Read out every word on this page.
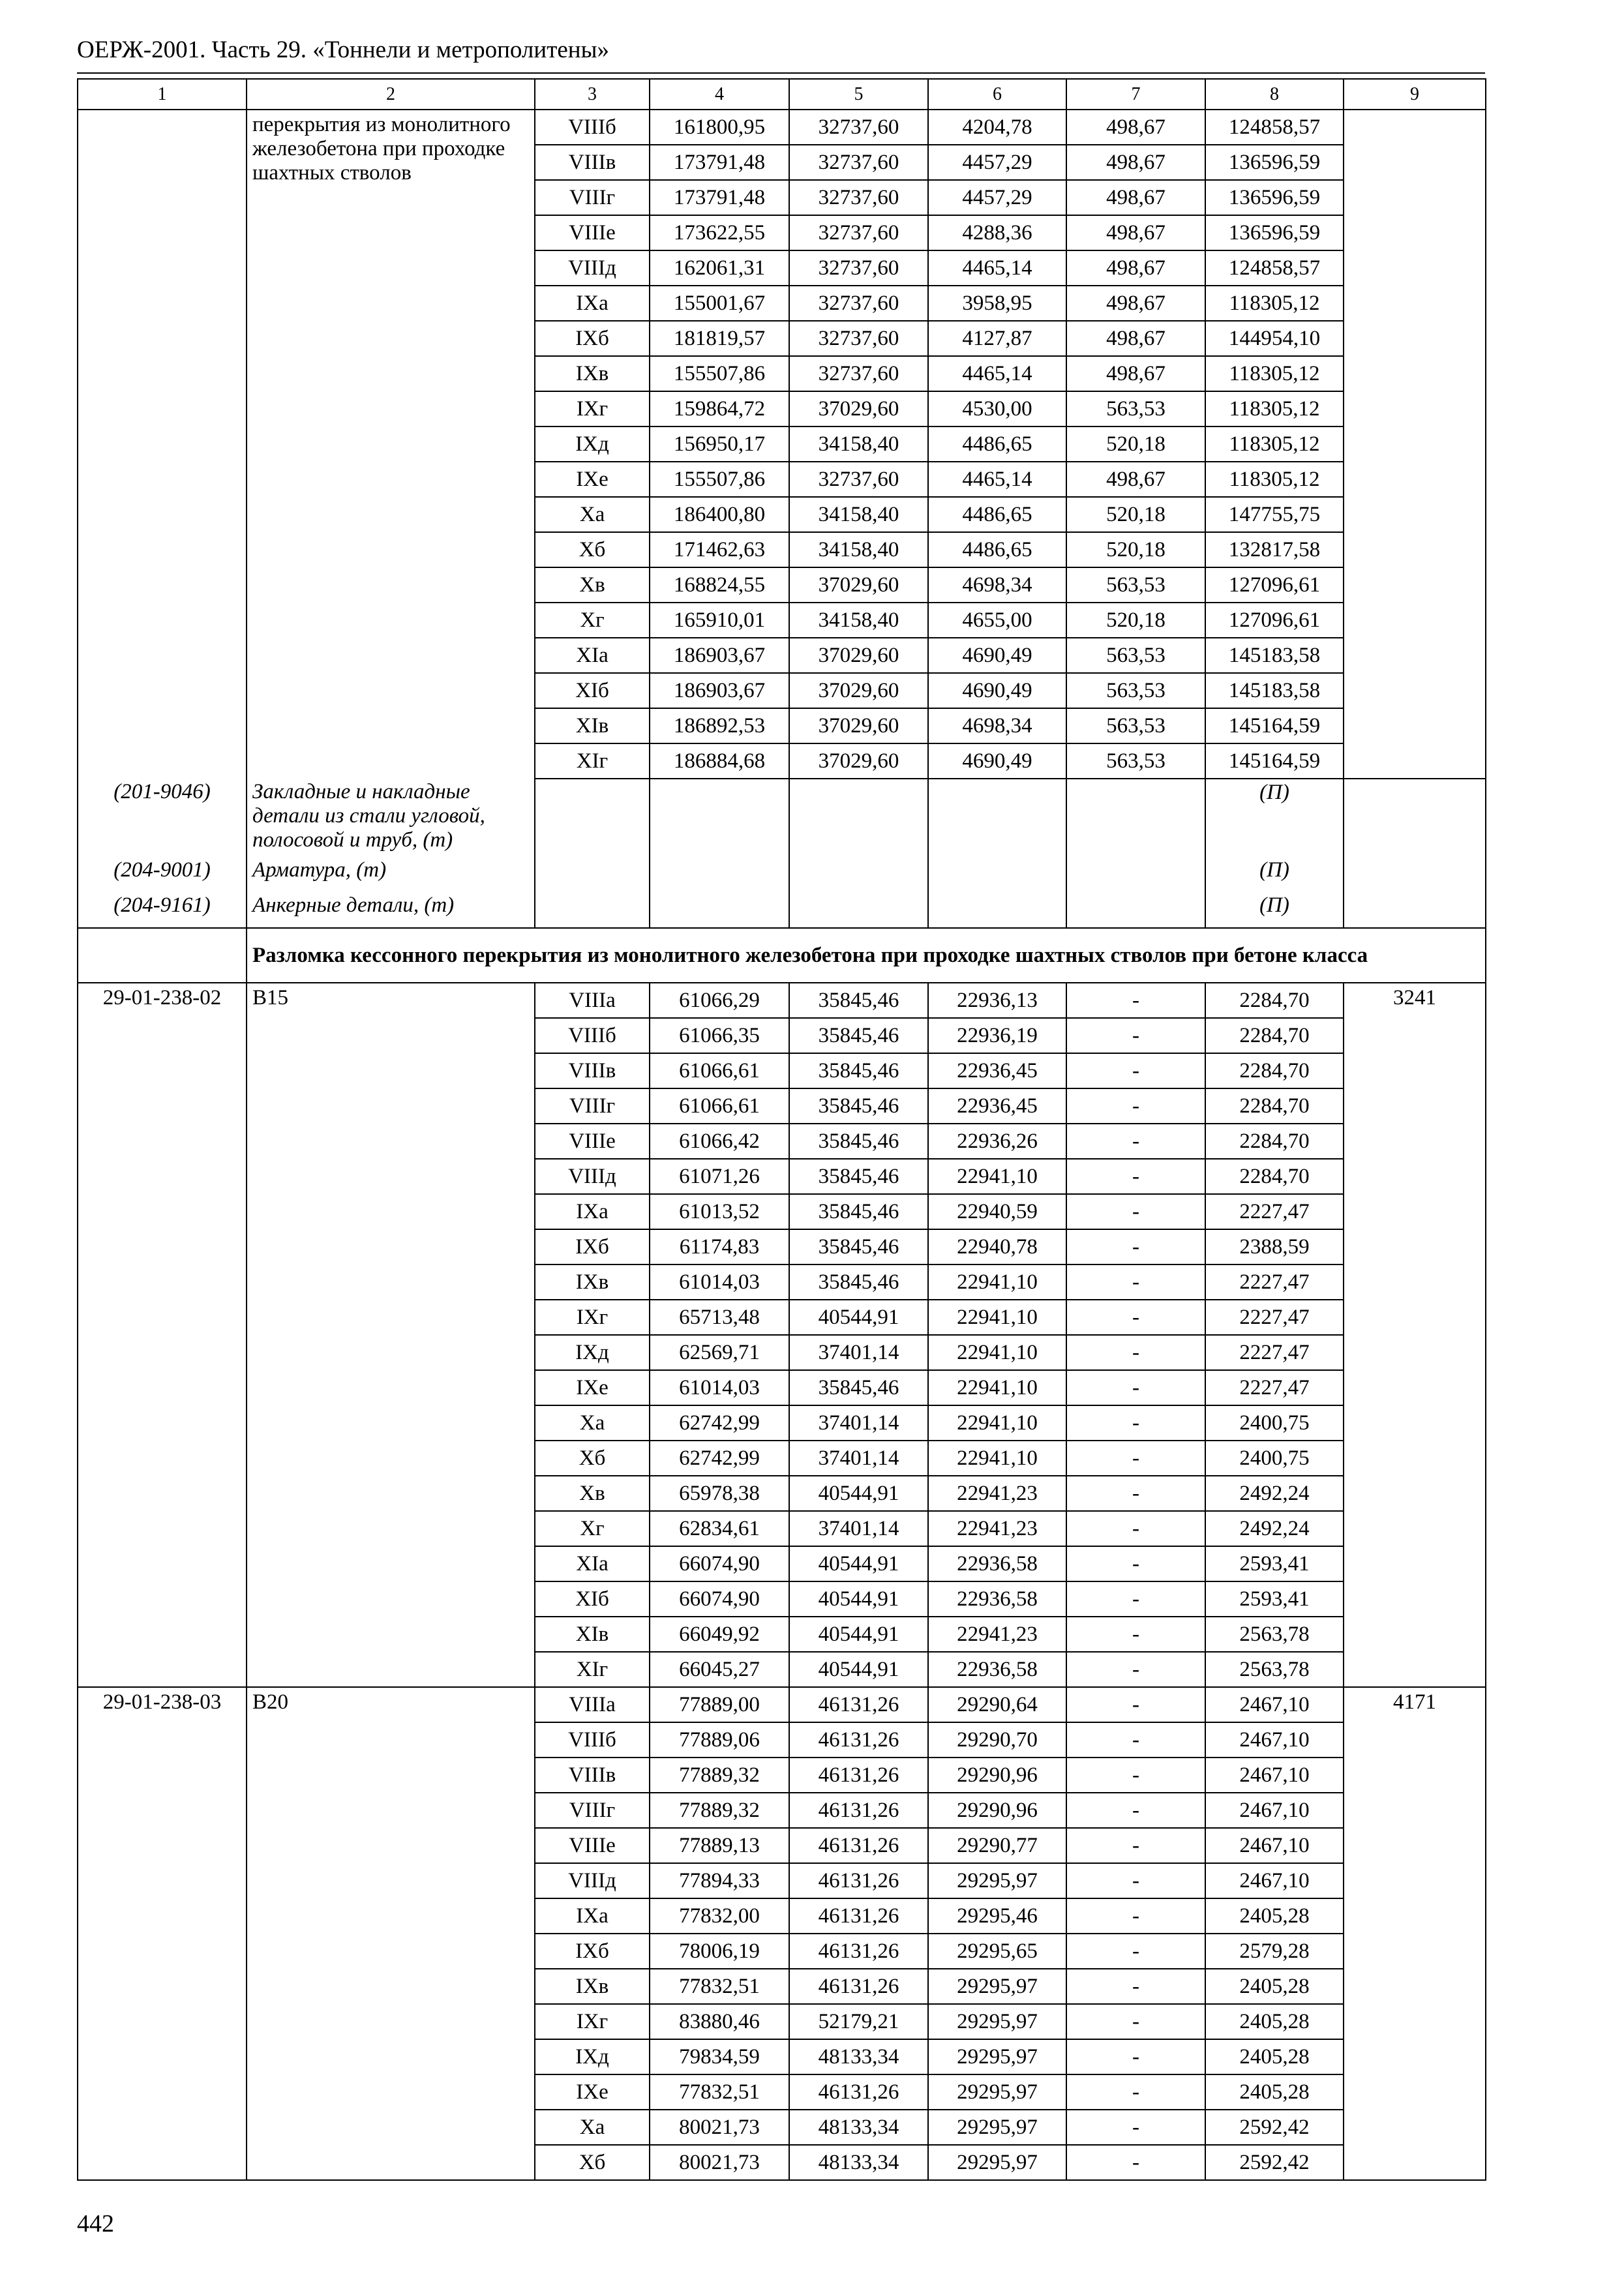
ОЕРЖ-2001. Часть 29. «Тоннели и метрополитены»
1	2	3	4	5	6	7	8	9
	перекрытия из монолитного железобетона при проходке шахтных стволов	VIIIб	161800,95	32737,60	4204,78	498,67	124858,57	
		VIIIв	173791,48	32737,60	4457,29	498,67	136596,59	
		VIIIг	173791,48	32737,60	4457,29	498,67	136596,59	
		VIIIе	173622,55	32737,60	4288,36	498,67	136596,59	
		VIIIд	162061,31	32737,60	4465,14	498,67	124858,57	
		IXа	155001,67	32737,60	3958,95	498,67	118305,12	
		IXб	181819,57	32737,60	4127,87	498,67	144954,10	
		IXв	155507,86	32737,60	4465,14	498,67	118305,12	
		IXг	159864,72	37029,60	4530,00	563,53	118305,12	
		IXд	156950,17	34158,40	4486,65	520,18	118305,12	
		IXе	155507,86	32737,60	4465,14	498,67	118305,12	
		Xа	186400,80	34158,40	4486,65	520,18	147755,75	
		Xб	171462,63	34158,40	4486,65	520,18	132817,58	
		Xв	168824,55	37029,60	4698,34	563,53	127096,61	
		Xг	165910,01	34158,40	4655,00	520,18	127096,61	
		XIа	186903,67	37029,60	4690,49	563,53	145183,58	
		XIб	186903,67	37029,60	4690,49	563,53	145183,58	
		XIв	186892,53	37029,60	4698,34	563,53	145164,59	
		XIг	186884,68	37029,60	4690,49	563,53	145164,59	
(201-9046)	Закладные и накладные детали из стали угловой, полосовой и труб, (т)						(П)	
(204-9001)	Арматура, (т)						(П)	
(204-9161)	Анкерные детали, (т)						(П)	
	Разломка кессонного перекрытия из монолитного железобетона при проходке шахтных стволов при бетоне класса							
29-01-238-02	B15	VIIIа	61066,29	35845,46	22936,13	-	2284,70	3241
		VIIIб	61066,35	35845,46	22936,19	-	2284,70	
		VIIIв	61066,61	35845,46	22936,45	-	2284,70	
		VIIIг	61066,61	35845,46	22936,45	-	2284,70	
		VIIIе	61066,42	35845,46	22936,26	-	2284,70	
		VIIIд	61071,26	35845,46	22941,10	-	2284,70	
		IXа	61013,52	35845,46	22940,59	-	2227,47	
		IXб	61174,83	35845,46	22940,78	-	2388,59	
		IXв	61014,03	35845,46	22941,10	-	2227,47	
		IXг	65713,48	40544,91	22941,10	-	2227,47	
		IXд	62569,71	37401,14	22941,10	-	2227,47	
		IXе	61014,03	35845,46	22941,10	-	2227,47	
		Xа	62742,99	37401,14	22941,10	-	2400,75	
		Xб	62742,99	37401,14	22941,10	-	2400,75	
		Xв	65978,38	40544,91	22941,23	-	2492,24	
		Xг	62834,61	37401,14	22941,23	-	2492,24	
		XIа	66074,90	40544,91	22936,58	-	2593,41	
		XIб	66074,90	40544,91	22936,58	-	2593,41	
		XIв	66049,92	40544,91	22941,23	-	2563,78	
		XIг	66045,27	40544,91	22936,58	-	2563,78	
29-01-238-03	B20	VIIIа	77889,00	46131,26	29290,64	-	2467,10	4171
		VIIIб	77889,06	46131,26	29290,70	-	2467,10	
		VIIIв	77889,32	46131,26	29290,96	-	2467,10	
		VIIIг	77889,32	46131,26	29290,96	-	2467,10	
		VIIIе	77889,13	46131,26	29290,77	-	2467,10	
		VIIIд	77894,33	46131,26	29295,97	-	2467,10	
		IXа	77832,00	46131,26	29295,46	-	2405,28	
		IXб	78006,19	46131,26	29295,65	-	2579,28	
		IXв	77832,51	46131,26	29295,97	-	2405,28	
		IXг	83880,46	52179,21	29295,97	-	2405,28	
		IXд	79834,59	48133,34	29295,97	-	2405,28	
		IXе	77832,51	46131,26	29295,97	-	2405,28	
		Xа	80021,73	48133,34	29295,97	-	2592,42	
		Xб	80021,73	48133,34	29295,97	-	2592,42	
442
